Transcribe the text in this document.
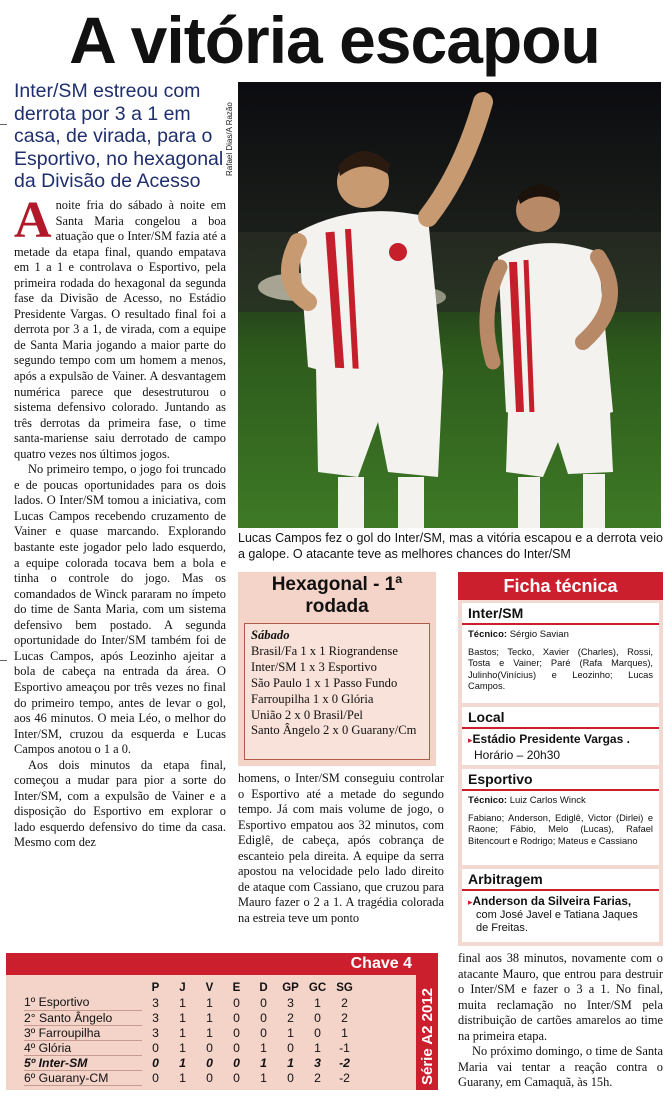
A vitória escapou
Inter/SM estreou com derrota por 3 a 1 em casa, de virada, para o Esportivo, no hexagonal da Divisão de Acesso
Rafael Dias/A Razão
Lucas Campos fez o gol do Inter/SM, mas a vitória escapou e a derrota veio a galope. O atacante teve as melhores chances do Inter/SM

Anoite fria do sábado à noite em Santa Maria congelou a boa atuação que o Inter/SM fazia até a metade da etapa final, quando empatava em 1 a 1 e controlava o Esportivo, pela primeira rodada do hexagonal da segunda fase da Divisão de Acesso, no Estádio Presidente Vargas. O resultado final foi a derrota por 3 a 1, de virada, com a equipe de Santa Maria jogando a maior parte do segundo tempo com um homem a menos, após a expulsão de Vainer. A desvantagem numérica parece que desestruturou o sistema defensivo colorado. Juntando as três derrotas da primeira fase, o time santa-mariense saiu derrotado de campo quatro vezes nos últimos jogos.

No primeiro tempo, o jogo foi truncado e de poucas oportunidades para os dois lados. O Inter/SM tomou a iniciativa, com Lucas Campos recebendo cruzamento de Vainer e quase marcando. Explorando bastante este jogador pelo lado esquerdo, a equipe colorada tocava bem a bola e tinha o controle do jogo. Mas os comandados de Winck pararam no ímpeto do time de Santa Maria, com um sistema defensivo bem postado. A segunda oportunidade do Inter/SM também foi de Lucas Campos, após Leozinho ajeitar a bola de cabeça na entrada da área. O Esportivo ameaçou por três vezes no final do primeiro tempo, antes de levar o gol, aos 46 minutos. O meia Léo, o melhor do Inter/SM, cruzou da esquerda e Lucas Campos anotou o 1 a 0.

Aos dois minutos da etapa final, começou a mudar para pior a sorte do Inter/SM, com a expulsão de Vainer e a disposição do Esportivo em explorar o lado esquerdo defensivo do time da casa. Mesmo com dez

Hexagonal - 1ª rodada
Sábado
Brasil/Fa 1 x 1 Riograndense
Inter/SM 1 x 3 Esportivo
São Paulo 1 x 1 Passo Fundo
Farroupilha 1 x 0 Glória
União 2 x 0 Brasil/Pel
Santo Ângelo 2 x 0 Guarany/Cm

homens, o Inter/SM conseguiu controlar o Esportivo até a metade do segundo tempo. Já com mais volume de jogo, o Esportivo empatou aos 32 minutos, com Ediglê, de cabeça, após cobrança de escanteio pela direita. A equipe da serra apostou na velocidade pelo lado direito de ataque com Cassiano, que cruzou para Mauro fazer o 2 a 1. A tragédia colorada na estreia teve um ponto

Ficha técnica
Inter/SM
Técnico: Sérgio Savian
Bastos; Tecko, Xavier (Charles), Rossi, Tosta e Vainer; Paré (Rafa Marques), Julinho(Vinícius) e Leozinho; Lucas Campos.
Local
▸Estádio Presidente Vargas .
Horário – 20h30
Esportivo
Técnico: Luiz Carlos Winck
Fabiano; Anderson, Ediglê, Victor (Dirlei) e Raone; Fábio, Melo (Lucas), Rafael Bitencourt e Rodrigo; Mateus e Cassiano
Arbitragem
▸Anderson da Silveira Farias,
com José Javel e Tatiana Jaques de Freitas.

final aos 38 minutos, novamente com o atacante Mauro, que entrou para destruir o Inter/SM e fazer o 3 a 1. No final, muita reclamação no Inter/SM pela distribuição de cartões amarelos ao time na primeira etapa.

No próximo domingo, o time de Santa Maria vai tentar a reação contra o Guarany, em Camaquã, às 15h.

Chave 4
Série A2 2012
	P	J	V	E	D	GP	GC	SG
1º Esportivo	3	1	1	0	0	3	1	2
2° Santo Ângelo	3	1	1	0	0	2	0	2
3º Farroupilha	3	1	1	0	0	1	0	1
4º Glória	0	1	0	0	1	0	1	-1
5º Inter-SM	0	1	0	0	1	1	3	-2
6º Guarany-CM	0	1	0	0	1	0	2	-2
